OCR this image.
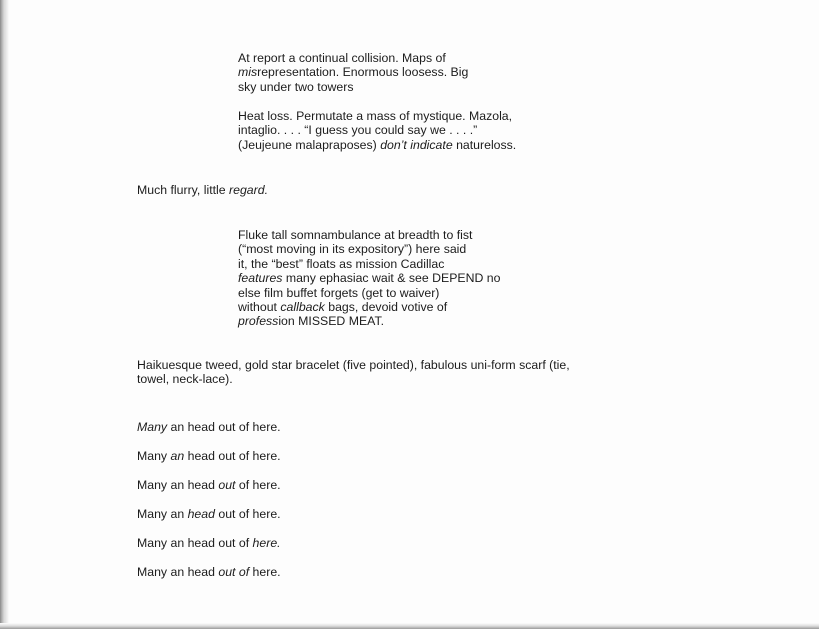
At report a continual collision. Maps of
misrepresentation. Enormous loosess. Big
sky under two towers
Heat loss. Permutate a mass of mystique. Mazola,
intaglio. . . . “I guess you could say we . . . .”
(Jeujeune malapraposes) don’t indicate natureloss.
Much flurry, little regard.
Fluke tall somnambulance at breadth to fist
(“most moving in its expository”) here said
it, the “best” floats as mission Cadillac
features many ephasiac wait & see DEPEND no
else film buffet forgets (get to waiver)
without callback bags, devoid votive of
profession MISSED MEAT.
Haikuesque tweed, gold star bracelet (five pointed), fabulous uni-form scarf (tie,
towel, neck-lace).
Many an head out of here.
Many an head out of here.
Many an head out of here.
Many an head out of here.
Many an head out of here.
Many an head out of here.
